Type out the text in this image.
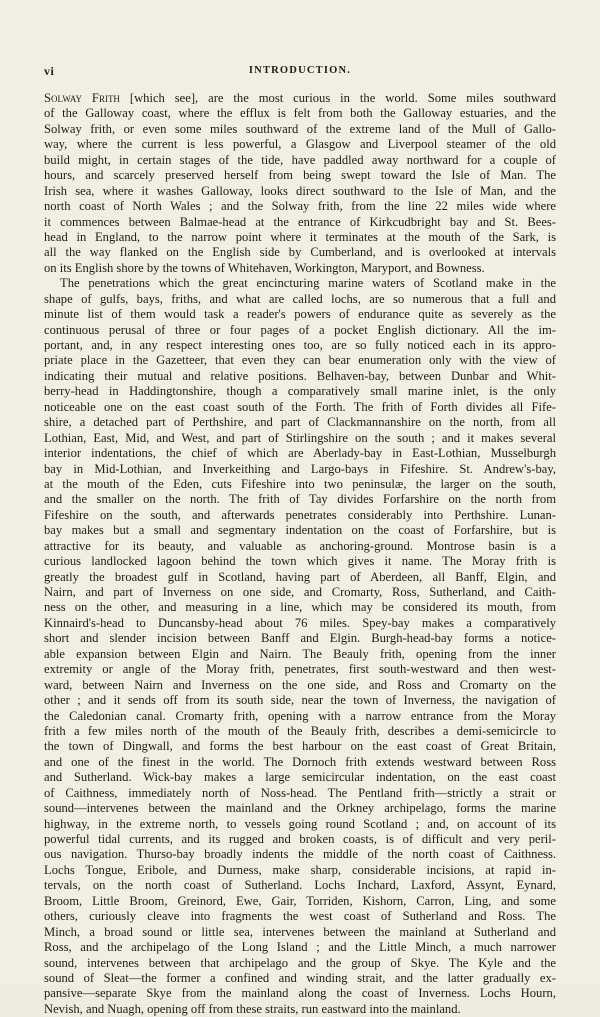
vi	INTRODUCTION.
Solway Frith [which see], are the most curious in the world. Some miles southward
of the Galloway coast, where the efflux is felt from both the Galloway estuaries, and the
Solway frith, or even some miles southward of the extreme land of the Mull of Gallo-
way, where the current is less powerful, a Glasgow and Liverpool steamer of the old
build might, in certain stages of the tide, have paddled away northward for a couple of
hours, and scarcely preserved herself from being swept toward the Isle of Man. The
Irish sea, where it washes Galloway, looks direct southward to the Isle of Man, and the
north coast of North Wales ; and the Solway frith, from the line 22 miles wide where
it commences between Balmae-head at the entrance of Kirkcudbright bay and St. Bees-
head in England, to the narrow point where it terminates at the mouth of the Sark, is
all the way flanked on the English side by Cumberland, and is overlooked at intervals
on its English shore by the towns of Whitehaven, Workington, Maryport, and Bowness.
The penetrations which the great encincturing marine waters of Scotland make in the
shape of gulfs, bays, friths, and what are called lochs, are so numerous that a full and
minute list of them would task a reader's powers of endurance quite as severely as the
continuous perusal of three or four pages of a pocket English dictionary. All the im-
portant, and, in any respect interesting ones too, are so fully noticed each in its appro-
priate place in the Gazetteer, that even they can bear enumeration only with the view of
indicating their mutual and relative positions. Belhaven-bay, between Dunbar and Whit-
berry-head in Haddingtonshire, though a comparatively small marine inlet, is the only
noticeable one on the east coast south of the Forth. The frith of Forth divides all Fife-
shire, a detached part of Perthshire, and part of Clackmannanshire on the north, from all
Lothian, East, Mid, and West, and part of Stirlingshire on the south ; and it makes several
interior indentations, the chief of which are Aberlady-bay in East-Lothian, Musselburgh
bay in Mid-Lothian, and Inverkeithing and Largo-bays in Fifeshire. St. Andrew's-bay,
at the mouth of the Eden, cuts Fifeshire into two peninsulæ, the larger on the south,
and the smaller on the north. The frith of Tay divides Forfarshire on the north from
Fifeshire on the south, and afterwards penetrates considerably into Perthshire. Lunan-
bay makes but a small and segmentary indentation on the coast of Forfarshire, but is
attractive for its beauty, and valuable as anchoring-ground. Montrose basin is a
curious landlocked lagoon behind the town which gives it name. The Moray frith is
greatly the broadest gulf in Scotland, having part of Aberdeen, all Banff, Elgin, and
Nairn, and part of Inverness on one side, and Cromarty, Ross, Sutherland, and Caith-
ness on the other, and measuring in a line, which may be considered its mouth, from
Kinnaird's-head to Duncansby-head about 76 miles. Spey-bay makes a comparatively
short and slender incision between Banff and Elgin. Burgh-head-bay forms a notice-
able expansion between Elgin and Nairn. The Beauly frith, opening from the inner
extremity or angle of the Moray frith, penetrates, first south-westward and then west-
ward, between Nairn and Inverness on the one side, and Ross and Cromarty on the
other ; and it sends off from its south side, near the town of Inverness, the navigation of
the Caledonian canal. Cromarty frith, opening with a narrow entrance from the Moray
frith a few miles north of the mouth of the Beauly frith, describes a demi-semicircle to
the town of Dingwall, and forms the best harbour on the east coast of Great Britain,
and one of the finest in the world. The Dornoch frith extends westward between Ross
and Sutherland. Wick-bay makes a large semicircular indentation, on the east coast
of Caithness, immediately north of Noss-head. The Pentland frith—strictly a strait or
sound—intervenes between the mainland and the Orkney archipelago, forms the marine
highway, in the extreme north, to vessels going round Scotland ; and, on account of its
powerful tidal currents, and its rugged and broken coasts, is of difficult and very peril-
ous navigation. Thurso-bay broadly indents the middle of the north coast of Caithness.
Lochs Tongue, Eribole, and Durness, make sharp, considerable incisions, at rapid in-
tervals, on the north coast of Sutherland. Lochs Inchard, Laxford, Assynt, Eynard,
Broom, Little Broom, Greinord, Ewe, Gair, Torriden, Kishorn, Carron, Ling, and some
others, curiously cleave into fragments the west coast of Sutherland and Ross. The
Minch, a broad sound or little sea, intervenes between the mainland at Sutherland and
Ross, and the archipelago of the Long Island ; and the Little Minch, a much narrower
sound, intervenes between that archipelago and the group of Skye. The Kyle and the
sound of Sleat—the former a confined and winding strait, and the latter gradually ex-
pansive—separate Skye from the mainland along the coast of Inverness. Lochs Hourn,
Nevish, and Nuagh, opening off from these straits, run eastward into the mainland.
